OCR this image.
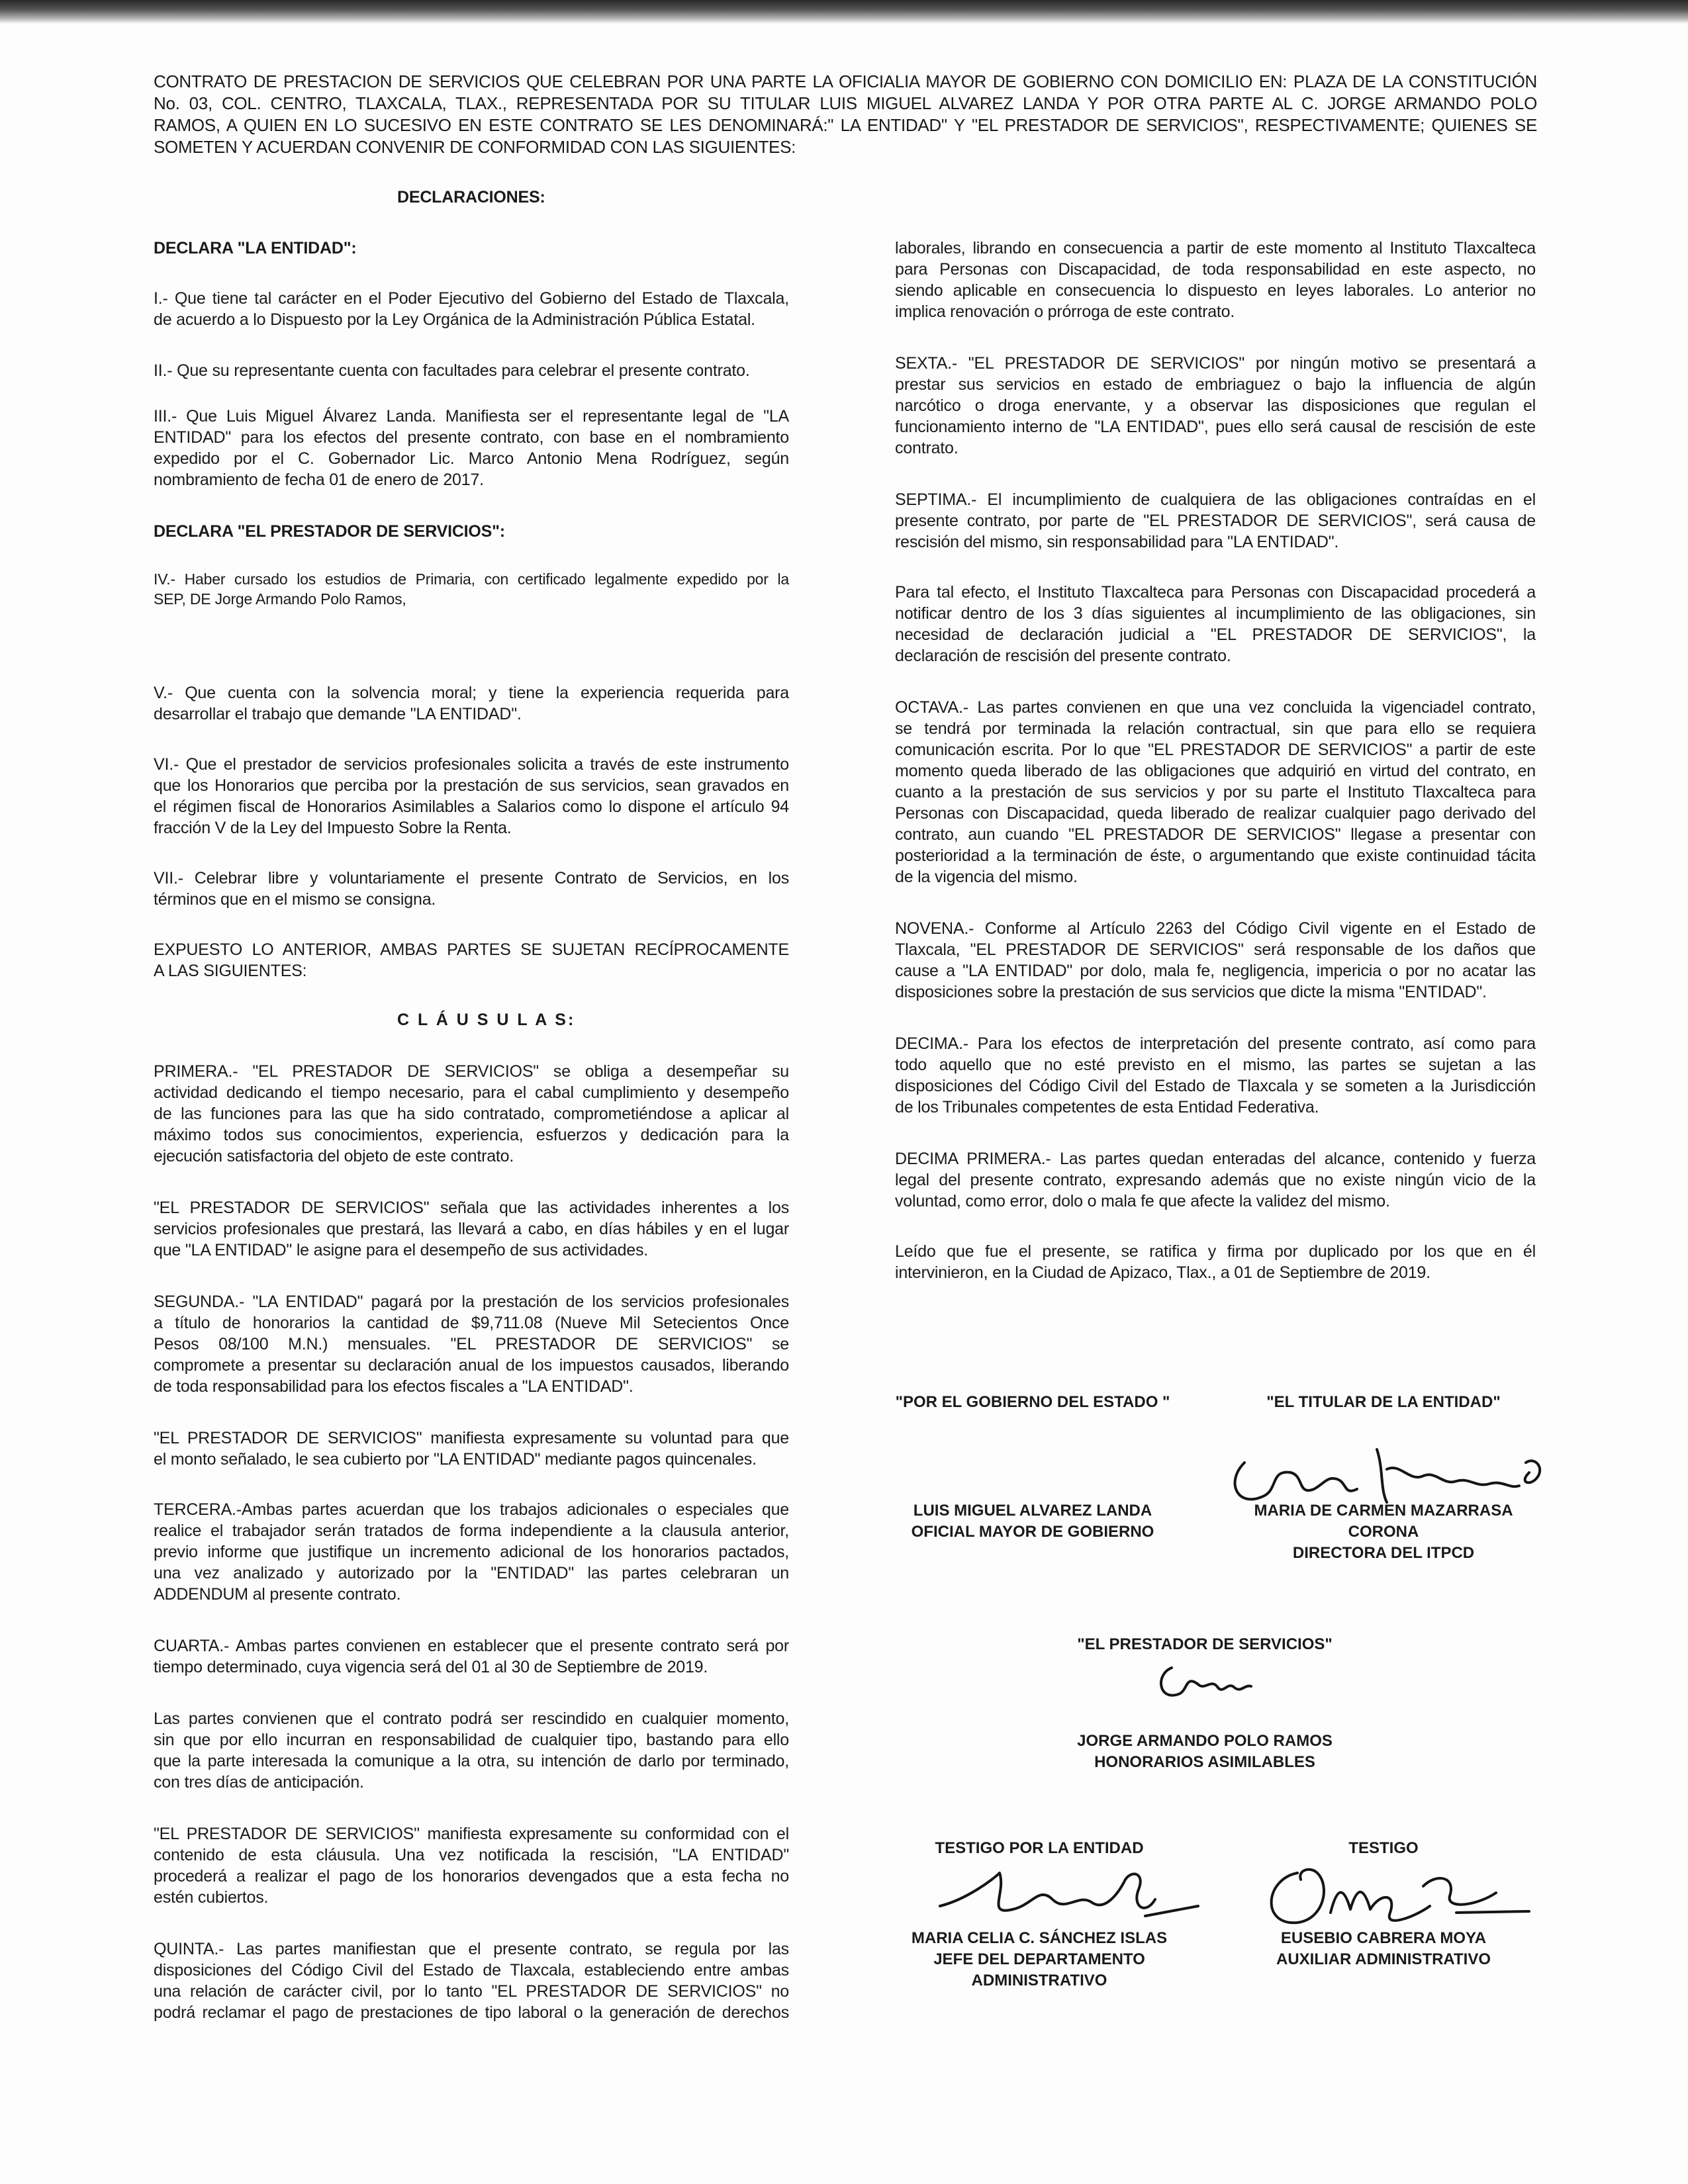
CONTRATO DE PRESTACION DE SERVICIOS QUE CELEBRAN POR UNA PARTE LA OFICIALIA MAYOR DE GOBIERNO CON DOMICILIO EN: PLAZA DE LA CONSTITUCIÓN

No. 03, COL. CENTRO, TLAXCALA, TLAX., REPRESENTADA POR SU TITULAR LUIS MIGUEL ALVAREZ LANDA Y POR OTRA PARTE AL C. JORGE ARMANDO POLO

RAMOS, A QUIEN EN LO SUCESIVO EN ESTE CONTRATO SE LES DENOMINARÁ:" LA ENTIDAD" Y "EL PRESTADOR DE SERVICIOS", RESPECTIVAMENTE; QUIENES SE

SOMETEN Y ACUERDAN CONVENIR DE CONFORMIDAD CON LAS SIGUIENTES:

DECLARACIONES:

DECLARA "LA ENTIDAD":

I.- Que tiene tal carácter en el Poder Ejecutivo del Gobierno del Estado de Tlaxcala,

de acuerdo a lo Dispuesto por la Ley Orgánica de la Administración Pública Estatal.

II.- Que su representante cuenta con facultades para celebrar el presente contrato.

III.- Que Luis Miguel Álvarez Landa. Manifiesta ser el representante legal de "LA

ENTIDAD" para los efectos del presente contrato, con base en el nombramiento

expedido por el C. Gobernador Lic. Marco Antonio Mena Rodríguez, según

nombramiento de fecha 01 de enero de 2017.

DECLARA "EL PRESTADOR DE SERVICIOS":

IV.- Haber cursado los estudios de Primaria, con certificado legalmente expedido por la

SEP, DE Jorge Armando Polo Ramos,

V.- Que cuenta con la solvencia moral; y tiene la experiencia requerida para

desarrollar el trabajo que demande "LA ENTIDAD".

VI.- Que el prestador de servicios profesionales solicita a través de este instrumento

que los Honorarios que perciba por la prestación de sus servicios, sean gravados en

el régimen fiscal de Honorarios Asimilables a Salarios como lo dispone el artículo 94

fracción V de la Ley del Impuesto Sobre la Renta.

VII.- Celebrar libre y voluntariamente el presente Contrato de Servicios, en los

términos que en el mismo se consigna.

EXPUESTO LO ANTERIOR, AMBAS PARTES SE SUJETAN RECÍPROCAMENTE

A LAS SIGUIENTES:

C L Á U S U L A S:

PRIMERA.- "EL PRESTADOR DE SERVICIOS" se obliga a desempeñar su

actividad dedicando el tiempo necesario, para el cabal cumplimiento y desempeño

de las funciones para las que ha sido contratado, comprometiéndose a aplicar al

máximo todos sus conocimientos, experiencia, esfuerzos y dedicación para la

ejecución satisfactoria del objeto de este contrato.

"EL PRESTADOR DE SERVICIOS" señala que las actividades inherentes a los

servicios profesionales que prestará, las llevará a cabo, en días hábiles y en el lugar

que "LA ENTIDAD" le asigne para el desempeño de sus actividades.

SEGUNDA.- "LA ENTIDAD" pagará por la prestación de los servicios profesionales

a título de honorarios la cantidad de $9,711.08 (Nueve Mil Setecientos Once

Pesos 08/100 M.N.) mensuales. "EL PRESTADOR DE SERVICIOS" se

compromete a presentar su declaración anual de los impuestos causados, liberando

de toda responsabilidad para los efectos fiscales a "LA ENTIDAD".

"EL PRESTADOR DE SERVICIOS" manifiesta expresamente su voluntad para que

el monto señalado, le sea cubierto por "LA ENTIDAD" mediante pagos quincenales.

TERCERA.-Ambas partes acuerdan que los trabajos adicionales o especiales que

realice el trabajador serán tratados de forma independiente a la clausula anterior,

previo informe que justifique un incremento adicional de los honorarios pactados,

una vez analizado y autorizado por la "ENTIDAD" las partes celebraran un

ADDENDUM al presente contrato.

CUARTA.- Ambas partes convienen en establecer que el presente contrato será por

tiempo determinado, cuya vigencia será del 01 al 30 de Septiembre de 2019.

Las partes convienen que el contrato podrá ser rescindido en cualquier momento,

sin que por ello incurran en responsabilidad de cualquier tipo, bastando para ello

que la parte interesada la comunique a la otra, su intención de darlo por terminado,

con tres días de anticipación.

"EL PRESTADOR DE SERVICIOS" manifiesta expresamente su conformidad con el

contenido de esta cláusula. Una vez notificada la rescisión, "LA ENTIDAD"

procederá a realizar el pago de los honorarios devengados que a esta fecha no

estén cubiertos.

QUINTA.- Las partes manifiestan que el presente contrato, se regula por las

disposiciones del Código Civil del Estado de Tlaxcala, estableciendo entre ambas

una relación de carácter civil, por lo tanto "EL PRESTADOR DE SERVICIOS" no

podrá reclamar el pago de prestaciones de tipo laboral o la generación de derechos

laborales, librando en consecuencia a partir de este momento al Instituto Tlaxcalteca

para Personas con Discapacidad, de toda responsabilidad en este aspecto, no

siendo aplicable en consecuencia lo dispuesto en leyes laborales. Lo anterior no

implica renovación o prórroga de este contrato.

SEXTA.- "EL PRESTADOR DE SERVICIOS" por ningún motivo se presentará a

prestar sus servicios en estado de embriaguez o bajo la influencia de algún

narcótico o droga enervante, y a observar las disposiciones que regulan el

funcionamiento interno de "LA ENTIDAD", pues ello será causal de rescisión de este

contrato.

SEPTIMA.- El incumplimiento de cualquiera de las obligaciones contraídas en el

presente contrato, por parte de "EL PRESTADOR DE SERVICIOS", será causa de

rescisión del mismo, sin responsabilidad para "LA ENTIDAD".

Para tal efecto, el Instituto Tlaxcalteca para Personas con Discapacidad procederá a

notificar dentro de los 3 días siguientes al incumplimiento de las obligaciones, sin

necesidad de declaración judicial a "EL PRESTADOR DE SERVICIOS", la

declaración de rescisión del presente contrato.

OCTAVA.- Las partes convienen en que una vez concluida la vigenciadel contrato,

se tendrá por terminada la relación contractual, sin que para ello se requiera

comunicación escrita. Por lo que "EL PRESTADOR DE SERVICIOS" a partir de este

momento queda liberado de las obligaciones que adquirió en virtud del contrato, en

cuanto a la prestación de sus servicios y por su parte el Instituto Tlaxcalteca para

Personas con Discapacidad, queda liberado de realizar cualquier pago derivado del

contrato, aun cuando "EL PRESTADOR DE SERVICIOS" llegase a presentar con

posterioridad a la terminación de éste, o argumentando que existe continuidad tácita

de la vigencia del mismo.

NOVENA.- Conforme al Artículo 2263 del Código Civil vigente en el Estado de

Tlaxcala, "EL PRESTADOR DE SERVICIOS" será responsable de los daños que

cause a "LA ENTIDAD" por dolo, mala fe, negligencia, impericia o por no acatar las

disposiciones sobre la prestación de sus servicios que dicte la misma "ENTIDAD".

DECIMA.- Para los efectos de interpretación del presente contrato, así como para

todo aquello que no esté previsto en el mismo, las partes se sujetan a las

disposiciones del Código Civil del Estado de Tlaxcala y se someten a la Jurisdicción

de los Tribunales competentes de esta Entidad Federativa.

DECIMA PRIMERA.- Las partes quedan enteradas del alcance, contenido y fuerza

legal del presente contrato, expresando además que no existe ningún vicio de la

voluntad, como error, dolo o mala fe que afecte la validez del mismo.

Leído que fue el presente, se ratifica y firma por duplicado por los que en él

intervinieron, en la Ciudad de Apizaco, Tlax., a 01 de Septiembre de 2019.

"POR EL GOBIERNO DEL ESTADO "	"EL TITULAR DE LA ENTIDAD"

LUIS MIGUEL ALVAREZ LANDA

OFICIAL MAYOR DE GOBIERNO

MARIA DE CARMEN MAZARRASA

CORONA

DIRECTORA DEL ITPCD

"EL PRESTADOR DE SERVICIOS"

JORGE ARMANDO POLO RAMOS

HONORARIOS ASIMILABLES

TESTIGO POR LA ENTIDAD	TESTIGO

MARIA CELIA C. SÁNCHEZ ISLAS

JEFE DEL DEPARTAMENTO

ADMINISTRATIVO

EUSEBIO CABRERA MOYA

AUXILIAR ADMINISTRATIVO
